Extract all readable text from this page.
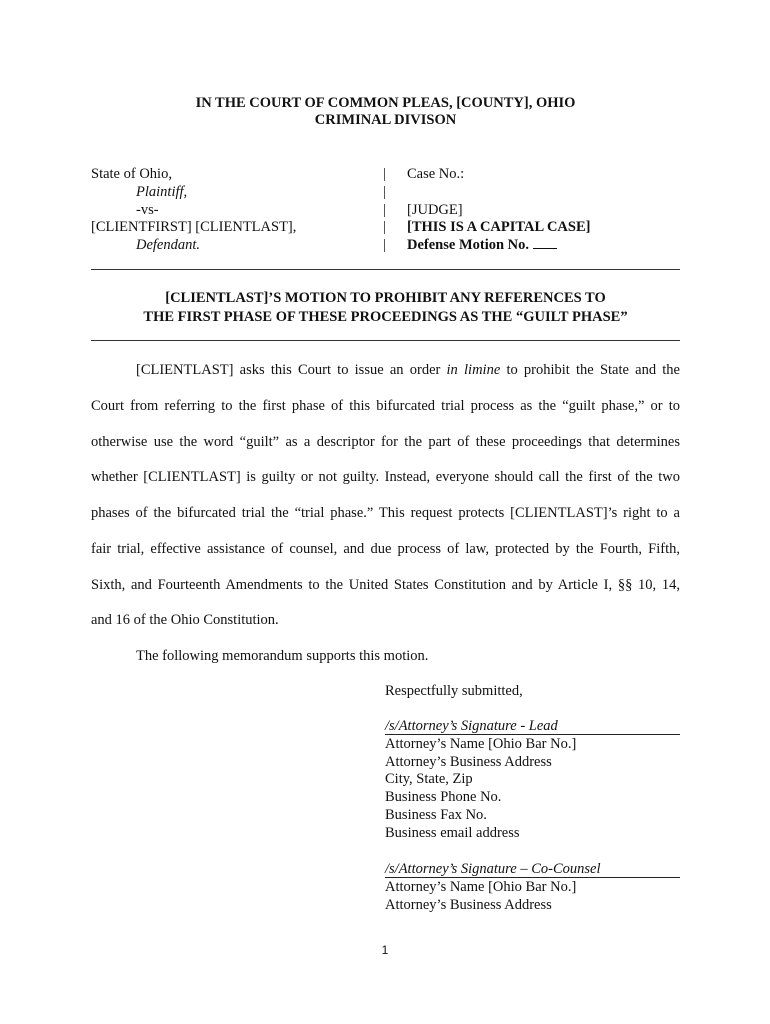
IN THE COURT OF COMMON PLEAS, [COUNTY], OHIO
CRIMINAL DIVISON
State of Ohio,
Plaintiff,
-vs-
[CLIENTFIRST] [CLIENTLAST],
Defendant.
|
|
|
|
|
Case No.:

[JUDGE]
[THIS IS A CAPITAL CASE]
Defense Motion No.
[CLIENTLAST]’S MOTION TO PROHIBIT ANY REFERENCES TO
THE FIRST PHASE OF THESE PROCEEDINGS AS THE “GUILT PHASE”
[CLIENTLAST] asks this Court to issue an order in limine to prohibit the State and the
Court from referring to the first phase of this bifurcated trial process as the “guilt phase,” or to
otherwise use the word “guilt” as a descriptor for the part of these proceedings that determines
whether [CLIENTLAST] is guilty or not guilty. Instead, everyone should call the first of the two
phases of the bifurcated trial the “trial phase.” This request protects [CLIENTLAST]’s right to a
fair trial, effective assistance of counsel, and due process of law, protected by the Fourth, Fifth,
Sixth, and Fourteenth Amendments to the United States Constitution and by Article I, §§ 10, 14,
and 16 of the Ohio Constitution.
The following memorandum supports this motion.
Respectfully submitted,
/s/Attorney’s Signature - Lead
Attorney’s Name [Ohio Bar No.]
Attorney’s Business Address
City, State, Zip
Business Phone No.
Business Fax No.
Business email address
/s/Attorney’s Signature – Co-Counsel
Attorney’s Name [Ohio Bar No.]
Attorney’s Business Address
1
